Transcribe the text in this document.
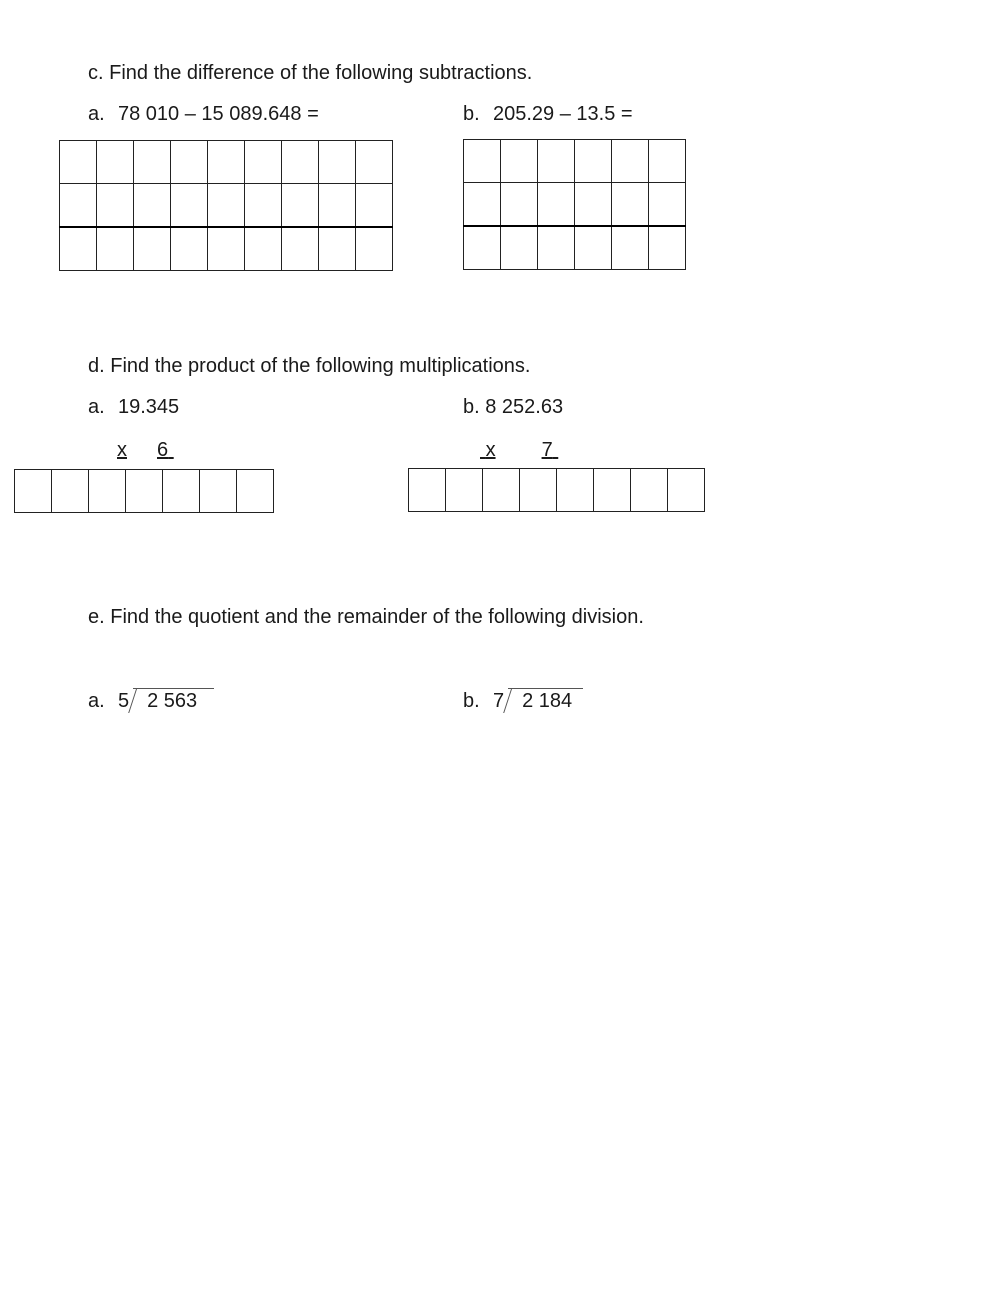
c. Find the difference of the following subtractions.
a. 78 010 – 15 089.648 =	b. 205.29 – 13.5 =

d. Find the product of the following multiplications.
a. 19.345	b. 8 252.63
x 6	x 7

e. Find the quotient and the remainder of the following division.
a. 5 2 563	b. 7 2 184
